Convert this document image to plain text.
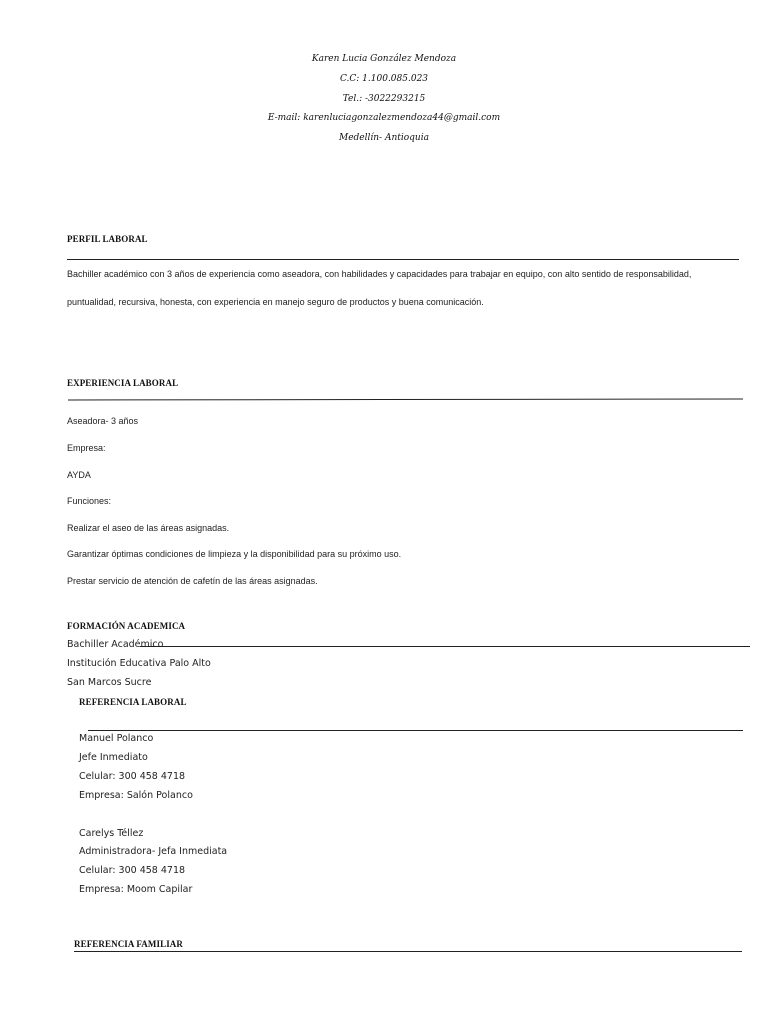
Karen Lucia González Mendoza

C.C: 1.100.085.023

Tel.: -3022293215

E-mail: karenluciagonzalezmendoza44@gmail.com

Medellín- Antioquia

PERFIL LABORAL

Bachiller académico con 3 años de experiencia como aseadora, con habilidades y capacidades para trabajar en equipo, con alto sentido de responsabilidad,

puntualidad, recursiva, honesta, con experiencia en manejo seguro de productos y buena comunicación.

EXPERIENCIA LABORAL

Aseadora- 3 años

Empresa:

AYDA

Funciones:

Realizar el aseo de las áreas asignadas.

Garantizar óptimas condiciones de limpieza y la disponibilidad para su próximo uso.

Prestar servicio de atención de cafetín de las áreas asignadas.

FORMACIÓN ACADEMICA

Bachiller Académico

Institución Educativa Palo Alto

San Marcos Sucre

REFERENCIA LABORAL

Manuel Polanco

Jefe Inmediato

Celular: 300 458 4718

Empresa: Salón Polanco

Carelys Téllez

Administradora- Jefa Inmediata

Celular: 300 458 4718

Empresa: Moom Capilar

REFERENCIA FAMILIAR
